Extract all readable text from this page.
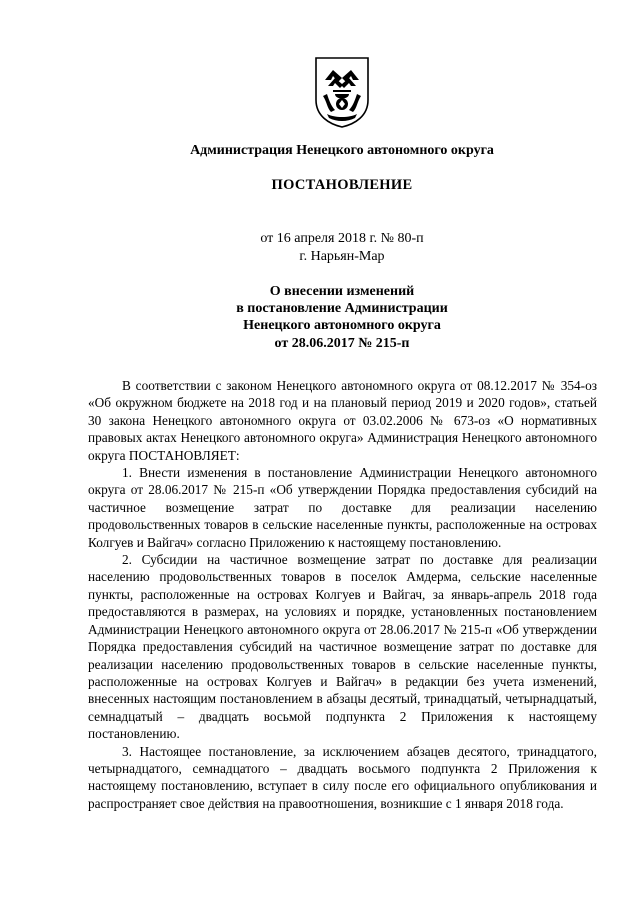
Администрация Ненецкого автономного округа
ПОСТАНОВЛЕНИЕ
от 16 апреля 2018 г. № 80-п
г. Нарьян-Мар
О внесении изменений
в постановление Администрации
Ненецкого автономного округа
от 28.06.2017 № 215-п

В соответствии с законом Ненецкого автономного округа от 08.12.2017 № 354-оз «Об окружном бюджете на 2018 год и на плановый период 2019 и 2020 годов», статьей 30 закона Ненецкого автономного округа от 03.02.2006 № 673-оз «О нормативных правовых актах Ненецкого автономного округа» Администрация Ненецкого автономного округа ПОСТАНОВЛЯЕТ:

1. Внести изменения в постановление Администрации Ненецкого автономного округа от 28.06.2017 № 215-п «Об утверждении Порядка предоставления субсидий на частичное возмещение затрат по доставке для реализации населению продовольственных товаров в сельские населенные пункты, расположенные на островах Колгуев и Вайгач» согласно Приложению к настоящему постановлению.

2. Субсидии на частичное возмещение затрат по доставке для реализации населению продовольственных товаров в поселок Амдерма, сельские населенные пункты, расположенные на островах Колгуев и Вайгач, за январь-апрель 2018 года предоставляются в размерах, на условиях и порядке, установленных постановлением Администрации Ненецкого автономного округа от 28.06.2017 № 215-п «Об утверждении Порядка предоставления субсидий на частичное возмещение затрат по доставке для реализации населению продовольственных товаров в сельские населенные пункты, расположенные на островах Колгуев и Вайгач» в редакции без учета изменений, внесенных настоящим постановлением в абзацы десятый, тринадцатый, четырнадцатый, семнадцатый – двадцать восьмой подпункта 2 Приложения к настоящему постановлению.

3. Настоящее постановление, за исключением абзацев десятого, тринадцатого, четырнадцатого, семнадцатого – двадцать восьмого подпункта 2 Приложения к настоящему постановлению, вступает в силу после его официального опубликования и распространяет свое действия на правоотношения, возникшие с 1 января 2018 года.
